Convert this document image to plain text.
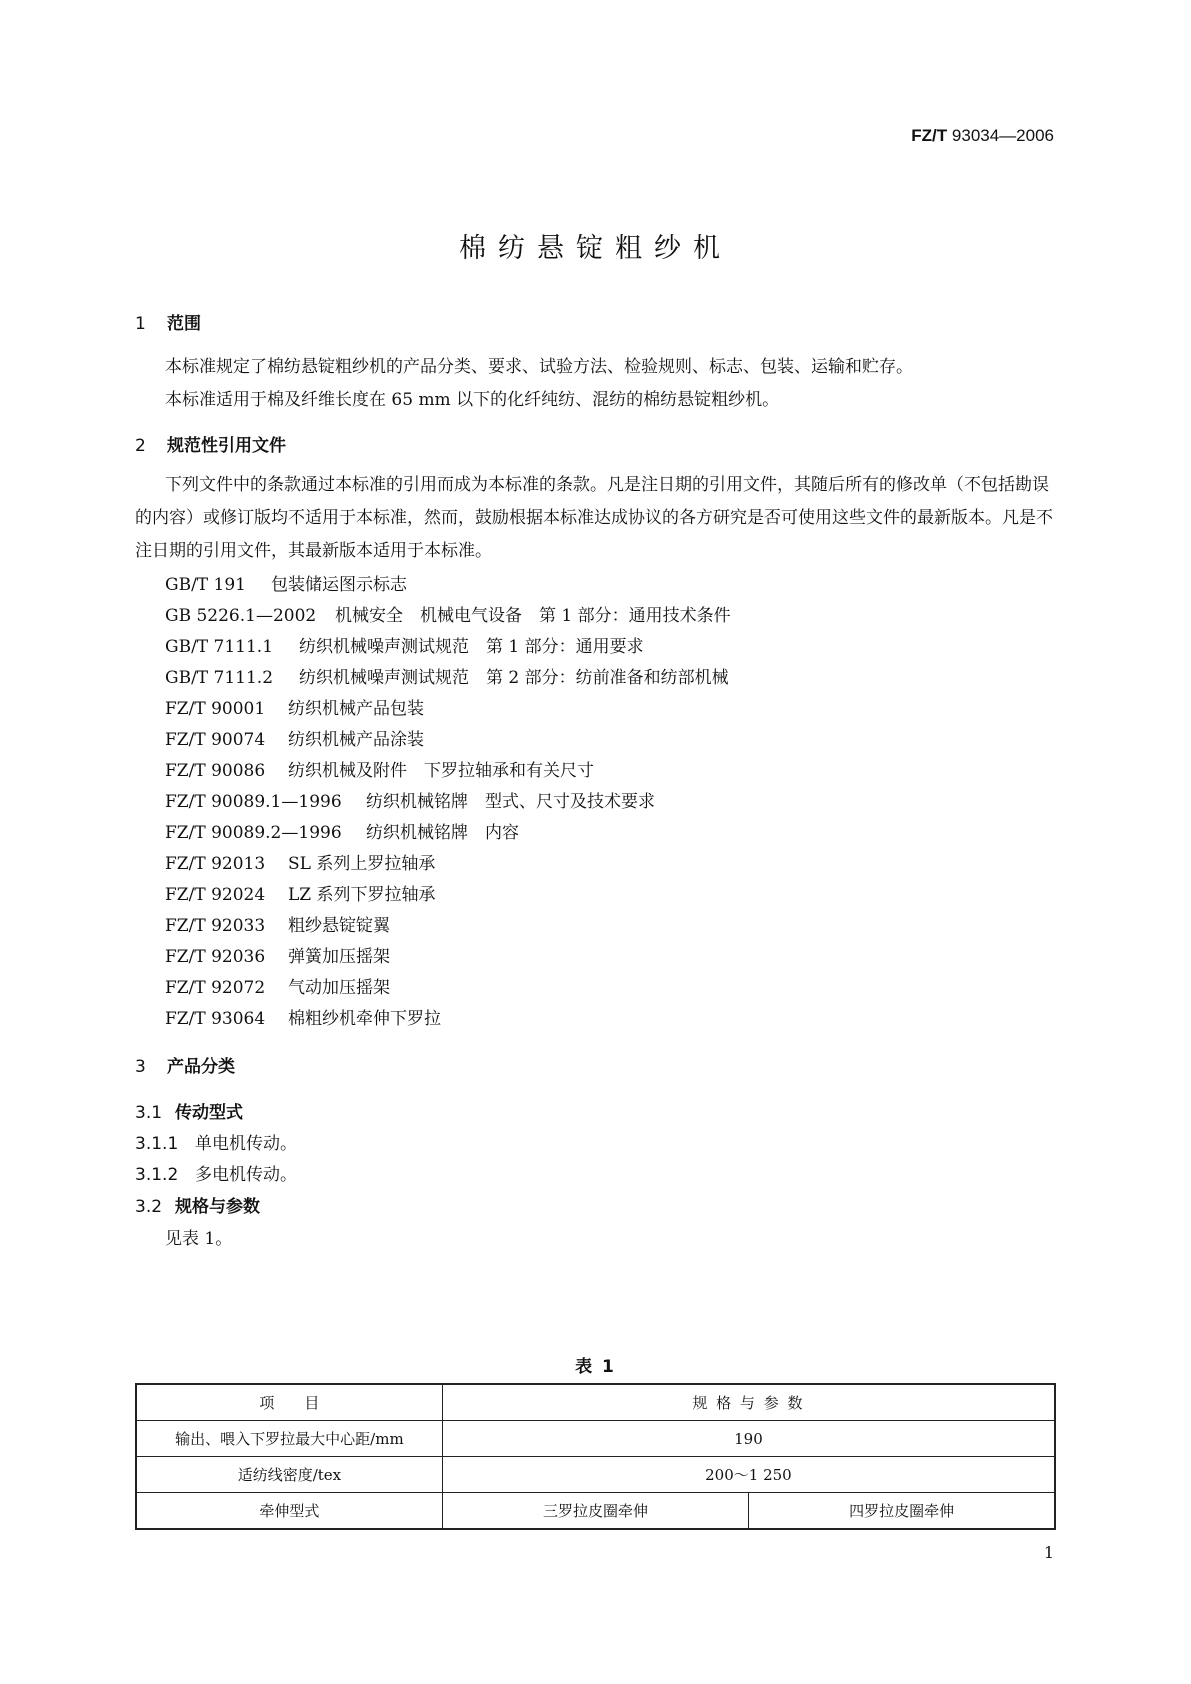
FZ/T 93034—2006
棉纺悬锭粗纱机
1 范围
本标准规定了棉纺悬锭粗纱机的产品分类、要求、试验方法、检验规则、标志、包装、运输和贮存。
本标准适用于棉及纤维长度在 65 mm 以下的化纤纯纺、混纺的棉纺悬锭粗纱机。
2 规范性引用文件
下列文件中的条款通过本标准的引用而成为本标准的条款。凡是注日期的引用文件，其随后所有的修改单（不包括勘误的内容）或修订版均不适用于本标准，然而，鼓励根据本标准达成协议的各方研究是否可使用这些文件的最新版本。凡是不注日期的引用文件，其最新版本适用于本标准。
GB/T 191 包装储运图示标志
GB 5226.1—2002 机械安全　机械电气设备　第 1 部分：通用技术条件
GB/T 7111.1 纺织机械噪声测试规范　第 1 部分：通用要求
GB/T 7111.2 纺织机械噪声测试规范　第 2 部分：纺前准备和纺部机械
FZ/T 90001 纺织机械产品包装
FZ/T 90074 纺织机械产品涂装
FZ/T 90086 纺织机械及附件　下罗拉轴承和有关尺寸
FZ/T 90089.1—1996 纺织机械铭牌　型式、尺寸及技术要求
FZ/T 90089.2—1996 纺织机械铭牌　内容
FZ/T 92013 SL 系列上罗拉轴承
FZ/T 92024 LZ 系列下罗拉轴承
FZ/T 92033 粗纱悬锭锭翼
FZ/T 92036 弹簧加压摇架
FZ/T 92072 气动加压摇架
FZ/T 93064 棉粗纱机牵伸下罗拉
3 产品分类
3.1 传动型式
3.1.1 单电机传动。
3.1.2 多电机传动。
3.2 规格与参数
见表 1。
表 1
项　　目	规 格 与 参 数	
输出、喂入下罗拉最大中心距/mm	190	
适纺线密度/tex	200～1 250	
牵伸型式	三罗拉皮圈牵伸	四罗拉皮圈牵伸
1
